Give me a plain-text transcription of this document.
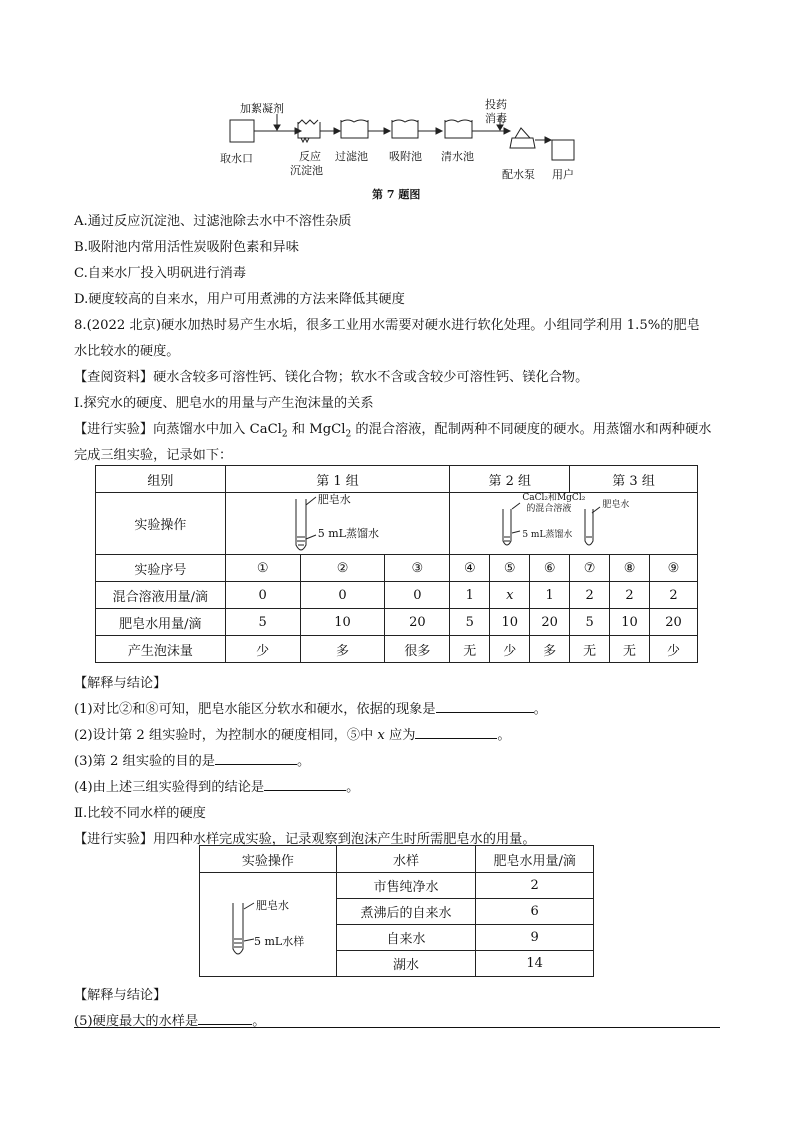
加絮凝剂
取水口	反应
沉淀池
过滤池 吸附池 清水池
投药
消毒
配水泵 用户
第 7 题图
A.通过反应沉淀池、过滤池除去水中不溶性杂质
B.吸附池内常用活性炭吸附色素和异味
C.自来水厂投入明矾进行消毒
D.硬度较高的自来水，用户可用煮沸的方法来降低其硬度
8.(2022 北京)硬水加热时易产生水垢，很多工业用水需要对硬水进行软化处理。小组同学利用 1.5%的肥皂
水比较水的硬度。
【查阅资料】硬水含较多可溶性钙、镁化合物；软水不含或含较少可溶性钙、镁化合物。
Ⅰ.探究水的硬度、肥皂水的用量与产生泡沫量的关系
【进行实验】向蒸馏水中加入 CaCl$_2$ 和 MgCl$_2$ 的混合溶液，配制两种不同硬度的硬水。用蒸馏水和两种硬水
完成三组实验，记录如下：
组别	第 1 组			第 2 组			第 3 组		
实验操作	肥皂水
5 mL蒸馏水			CaCl₂和MgCl₂
的混合溶液
5 mL蒸馏水
肥皂水					

实验序号	①	②	③	④	⑤	⑥	⑦	⑧	⑨
混合溶液用量/滴	0	0	0	1	x	1	2	2	2
肥皂水用量/滴	5	10	20	5	10	20	5	10	20
产生泡沫量	少	多	很多	无	少	多	无	无	少
【解释与结论】
(1)对比②和⑧可知，肥皂水能区分软水和硬水，依据的现象是	。
(2)设计第 2 组实验时，为控制水的硬度相同，⑤中 x 应为	。
(3)第 2 组实验的目的是	。
(4)由上述三组实验得到的结论是	。
Ⅱ.比较不同水样的硬度
【进行实验】用四种水样完成实验，记录观察到泡沫产生时所需肥皂水的用量。
实验操作	水样	肥皂水用量/滴

肥皂水
5 mL水样	市售纯净水	2
	煮沸后的自来水	6
	自来水	9
	湖水	14
【解释与结论】
(5)硬度最大的水样是	。
